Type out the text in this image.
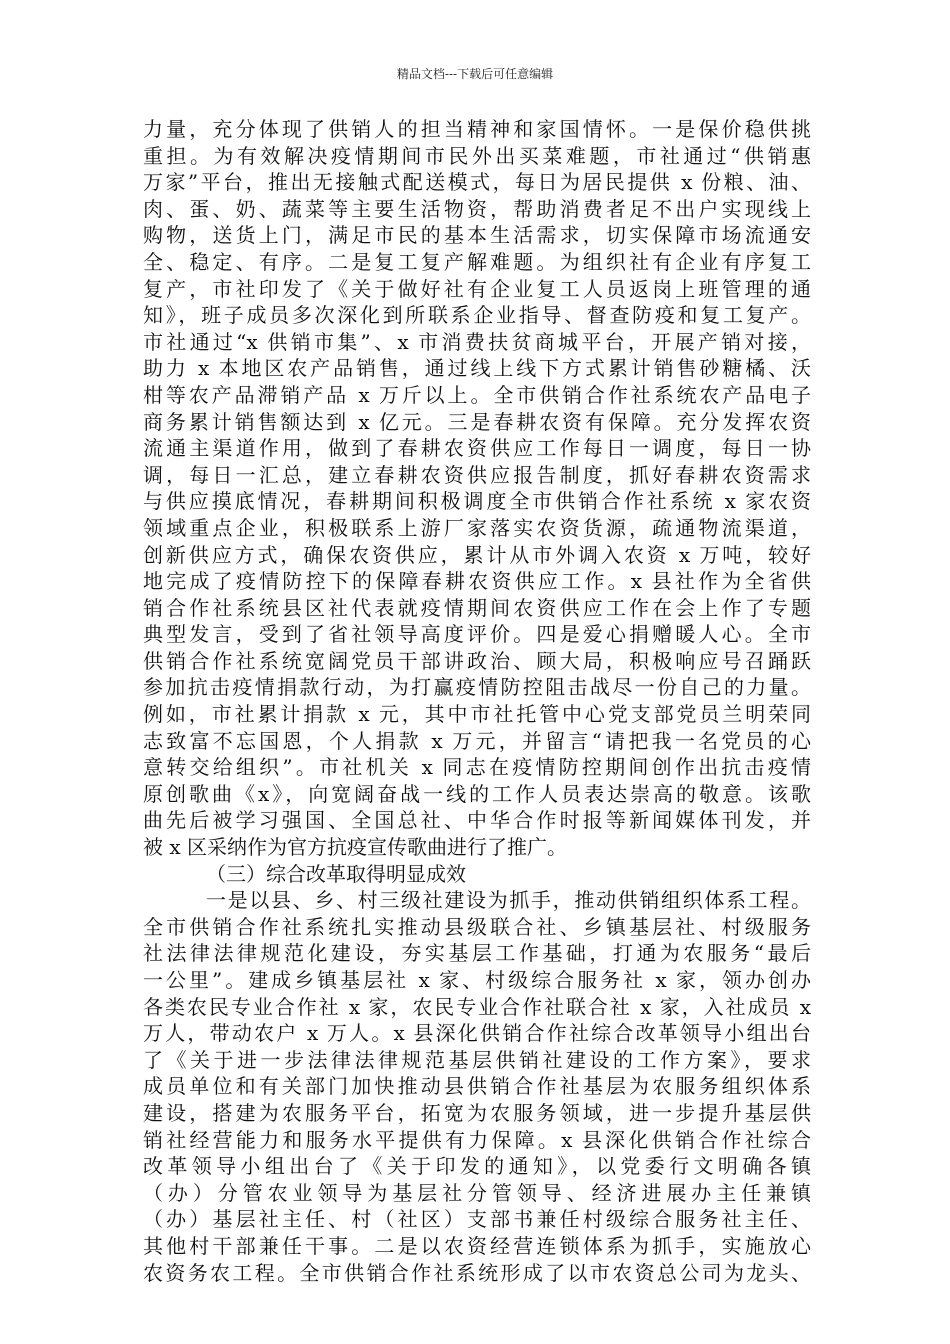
精品文档---下载后可任意编辑
力量，充分体现了供销人的担当精神和家国情怀。一是保价稳供挑
重担。为有效解决疫情期间市民外出买菜难题，市社通过“供销惠
万家”平台，推出无接触式配送模式，每日为居民提供 x 份粮、油、
肉、蛋、奶、蔬菜等主要生活物资，帮助消费者足不出户实现线上
购物，送货上门，满足市民的基本生活需求，切实保障市场流通安
全、稳定、有序。二是复工复产解难题。为组织社有企业有序复工
复产，市社印发了《关于做好社有企业复工人员返岗上班管理的通
知》，班子成员多次深化到所联系企业指导、督查防疫和复工复产。
市社通过“x 供销市集”、x 市消费扶贫商城平台，开展产销对接，
助力 x 本地区农产品销售，通过线上线下方式累计销售砂糖橘、沃
柑等农产品滞销产品 x 万斤以上。全市供销合作社系统农产品电子
商务累计销售额达到 x 亿元。三是春耕农资有保障。充分发挥农资
流通主渠道作用，做到了春耕农资供应工作每日一调度，每日一协
调，每日一汇总，建立春耕农资供应报告制度，抓好春耕农资需求
与供应摸底情况，春耕期间积极调度全市供销合作社系统 x 家农资
领域重点企业，积极联系上游厂家落实农资货源，疏通物流渠道，
创新供应方式，确保农资供应，累计从市外调入农资 x 万吨，较好
地完成了疫情防控下的保障春耕农资供应工作。x 县社作为全省供
销合作社系统县区社代表就疫情期间农资供应工作在会上作了专题
典型发言，受到了省社领导高度评价。四是爱心捐赠暖人心。全市
供销合作社系统宽阔党员干部讲政治、顾大局，积极响应号召踊跃
参加抗击疫情捐款行动，为打赢疫情防控阻击战尽一份自己的力量。
例如，市社累计捐款 x 元，其中市社托管中心党支部党员兰明荣同
志致富不忘国恩，个人捐款 x 万元，并留言“请把我一名党员的心
意转交给组织”。市社机关 x 同志在疫情防控期间创作出抗击疫情
原创歌曲《x》，向宽阔奋战一线的工作人员表达崇高的敬意。该歌
曲先后被学习强国、全国总社、中华合作时报等新闻媒体刊发，并
被 x 区采纳作为官方抗疫宣传歌曲进行了推广。
（三）综合改革取得明显成效
一是以县、乡、村三级社建设为抓手，推动供销组织体系工程。
全市供销合作社系统扎实推动县级联合社、乡镇基层社、村级服务
社法律法律规范化建设，夯实基层工作基础，打通为农服务“最后
一公里”。建成乡镇基层社 x 家、村级综合服务社 x 家，领办创办
各类农民专业合作社 x 家，农民专业合作社联合社 x 家，入社成员 x
万人，带动农户 x 万人。x 县深化供销合作社综合改革领导小组出台
了《关于进一步法律法律规范基层供销社建设的工作方案》，要求
成员单位和有关部门加快推动县供销合作社基层为农服务组织体系
建设，搭建为农服务平台，拓宽为农服务领域，进一步提升基层供
销社经营能力和服务水平提供有力保障。x 县深化供销合作社综合
改革领导小组出台了《关于印发的通知》，以党委行文明确各镇
（办）分管农业领导为基层社分管领导、经济进展办主任兼镇
（办）基层社主任、村（社区）支部书兼任村级综合服务社主任、
其他村干部兼任干事。二是以农资经营连锁体系为抓手，实施放心
农资务农工程。全市供销合作社系统形成了以市农资总公司为龙头、
